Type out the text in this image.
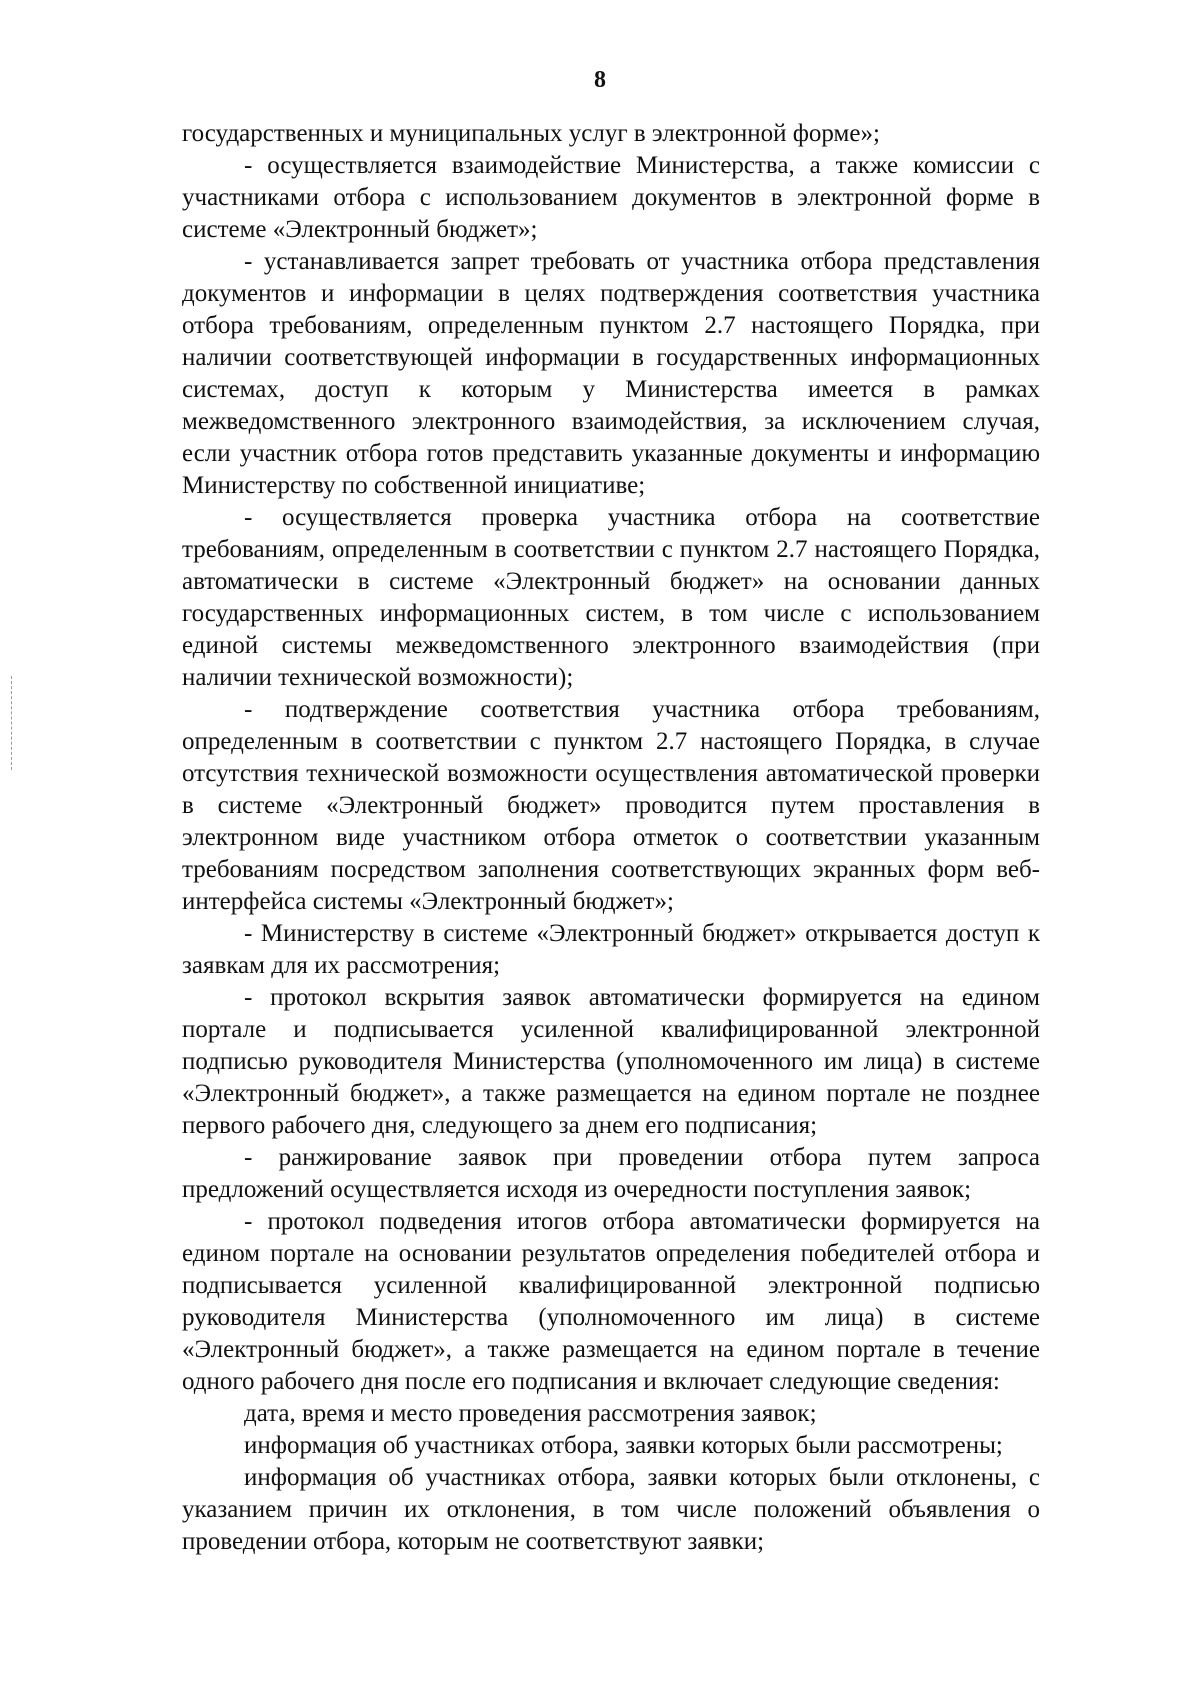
8

государственных и муниципальных услуг в электронной форме»;

- осуществляется взаимодействие Министерства, а также комиссии с участниками отбора с использованием документов в электронной форме в системе «Электронный бюджет»;

- устанавливается запрет требовать от участника отбора представления документов и информации в целях подтверждения соответствия участника отбора требованиям, определенным пунктом 2.7 настоящего Порядка, при наличии соответствующей информации в государственных информационных системах, доступ к которым у Министерства имеется в рамках межведомственного электронного взаимодействия, за исключением случая, если участник отбора готов представить указанные документы и информацию Министерству по собственной инициативе;

- осуществляется проверка участника отбора на соответствие требованиям, определенным в соответствии с пунктом 2.7 настоящего Порядка, автоматически в системе «Электронный бюджет» на основании данных государственных информационных систем, в том числе с использованием единой системы межведомственного электронного взаимодействия (при наличии технической возможности);

- подтверждение соответствия участника отбора требованиям, определенным в соответствии с пунктом 2.7 настоящего Порядка, в случае отсутствия технической возможности осуществления автоматической проверки в системе «Электронный бюджет» проводится путем проставления в электронном виде участником отбора отметок о соответствии указанным требованиям посредством заполнения соответствующих экранных форм веб-интерфейса системы «Электронный бюджет»;

- Министерству в системе «Электронный бюджет» открывается доступ к заявкам для их рассмотрения;

- протокол вскрытия заявок автоматически формируется на едином портале и подписывается усиленной квалифицированной электронной подписью руководителя Министерства (уполномоченного им лица) в системе «Электронный бюджет», а также размещается на едином портале не позднее первого рабочего дня, следующего за днем его подписания;

- ранжирование заявок при проведении отбора путем запроса предложений осуществляется исходя из очередности поступления заявок;

- протокол подведения итогов отбора автоматически формируется на едином портале на основании результатов определения победителей отбора и подписывается усиленной квалифицированной электронной подписью руководителя Министерства (уполномоченного им лица) в системе «Электронный бюджет», а также размещается на едином портале в течение одного рабочего дня после его подписания и включает следующие сведения:

дата, время и место проведения рассмотрения заявок;

информация об участниках отбора, заявки которых были рассмотрены;

информация об участниках отбора, заявки которых были отклонены, с указанием причин их отклонения, в том числе положений объявления о проведении отбора, которым не соответствуют заявки;
